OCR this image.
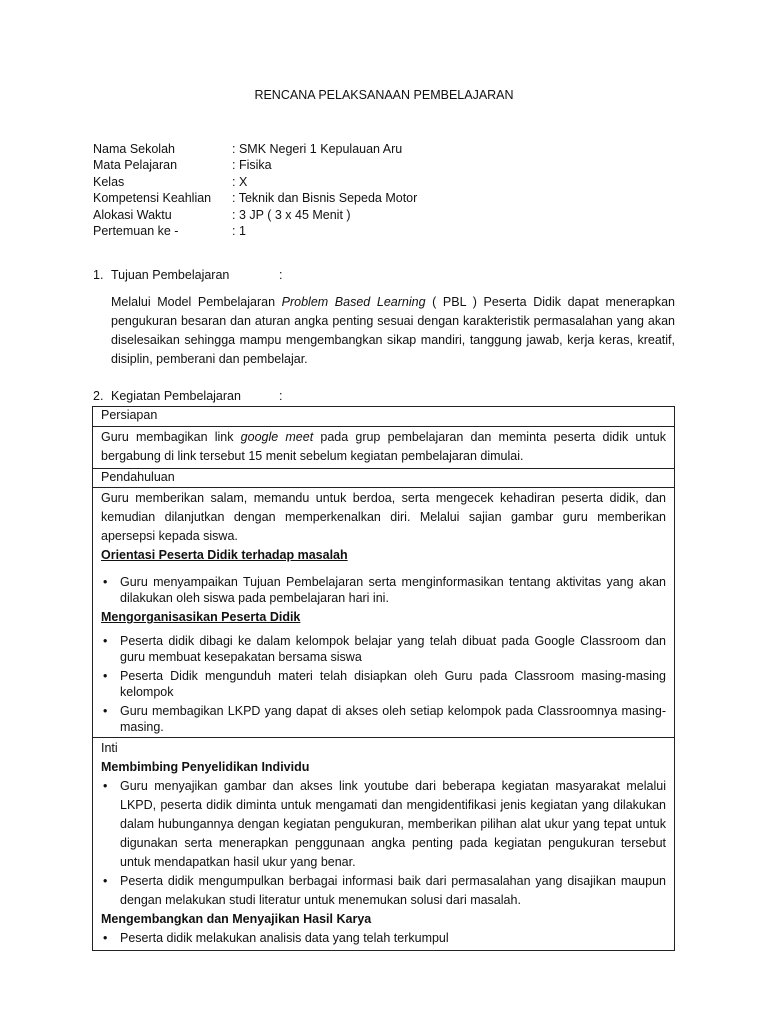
RENCANA PELAKSANAAN PEMBELAJARAN
Nama Sekolah	: SMK Negeri 1 Kepulauan Aru
Mata Pelajaran	: Fisika
Kelas	: X
Kompetensi Keahlian	: Teknik dan Bisnis Sepeda Motor
Alokasi Waktu	: 3 JP ( 3 x 45 Menit )
Pertemuan ke -	: 1
1. Tujuan Pembelajaran	:
Melalui Model Pembelajaran Problem Based Learning ( PBL ) Peserta Didik dapat menerapkan pengukuran besaran dan aturan angka penting sesuai dengan karakteristik permasalahan yang akan diselesaikan sehingga mampu mengembangkan sikap mandiri, tanggung jawab, kerja keras, kreatif, disiplin, pemberani dan pembelajar.
2. Kegiatan Pembelajaran	:
Persiapan

Guru membagikan link google meet pada grup pembelajaran dan meminta peserta didik untuk bergabung di link tersebut 15 menit sebelum kegiatan pembelajaran dimulai.

Pendahuluan

Guru memberikan salam, memandu untuk berdoa, serta mengecek kehadiran peserta didik, dan kemudian dilanjutkan dengan memperkenalkan diri. Melalui sajian gambar guru memberikan apersepsi kepada siswa.
Orientasi Peserta Didik terhadap masalah
• Guru menyampaikan Tujuan Pembelajaran serta menginformasikan tentang aktivitas yang akan dilakukan oleh siswa pada pembelajaran hari ini.
Mengorganisasikan Peserta Didik
• Peserta didik dibagi ke dalam kelompok belajar yang telah dibuat pada Google Classroom dan guru membuat kesepakatan bersama siswa
• Peserta Didik mengunduh materi telah disiapkan oleh Guru pada Classroom masing-masing kelompok
• Guru membagikan LKPD yang dapat di akses oleh setiap kelompok pada Classroomnya masing-masing.

Inti
Membimbing Penyelidikan Individu
• Guru menyajikan gambar dan akses link youtube dari beberapa kegiatan masyarakat melalui LKPD, peserta didik diminta untuk mengamati dan mengidentifikasi jenis kegiatan yang dilakukan dalam hubungannya dengan kegiatan pengukuran, memberikan pilihan alat ukur yang tepat untuk digunakan serta menerapkan penggunaan angka penting pada kegiatan pengukuran tersebut untuk mendapatkan hasil ukur yang benar.
• Peserta didik mengumpulkan berbagai informasi baik dari permasalahan yang disajikan maupun dengan melakukan studi literatur untuk menemukan solusi dari masalah.
Mengembangkan dan Menyajikan Hasil Karya
• Peserta didik melakukan analisis data yang telah terkumpul
